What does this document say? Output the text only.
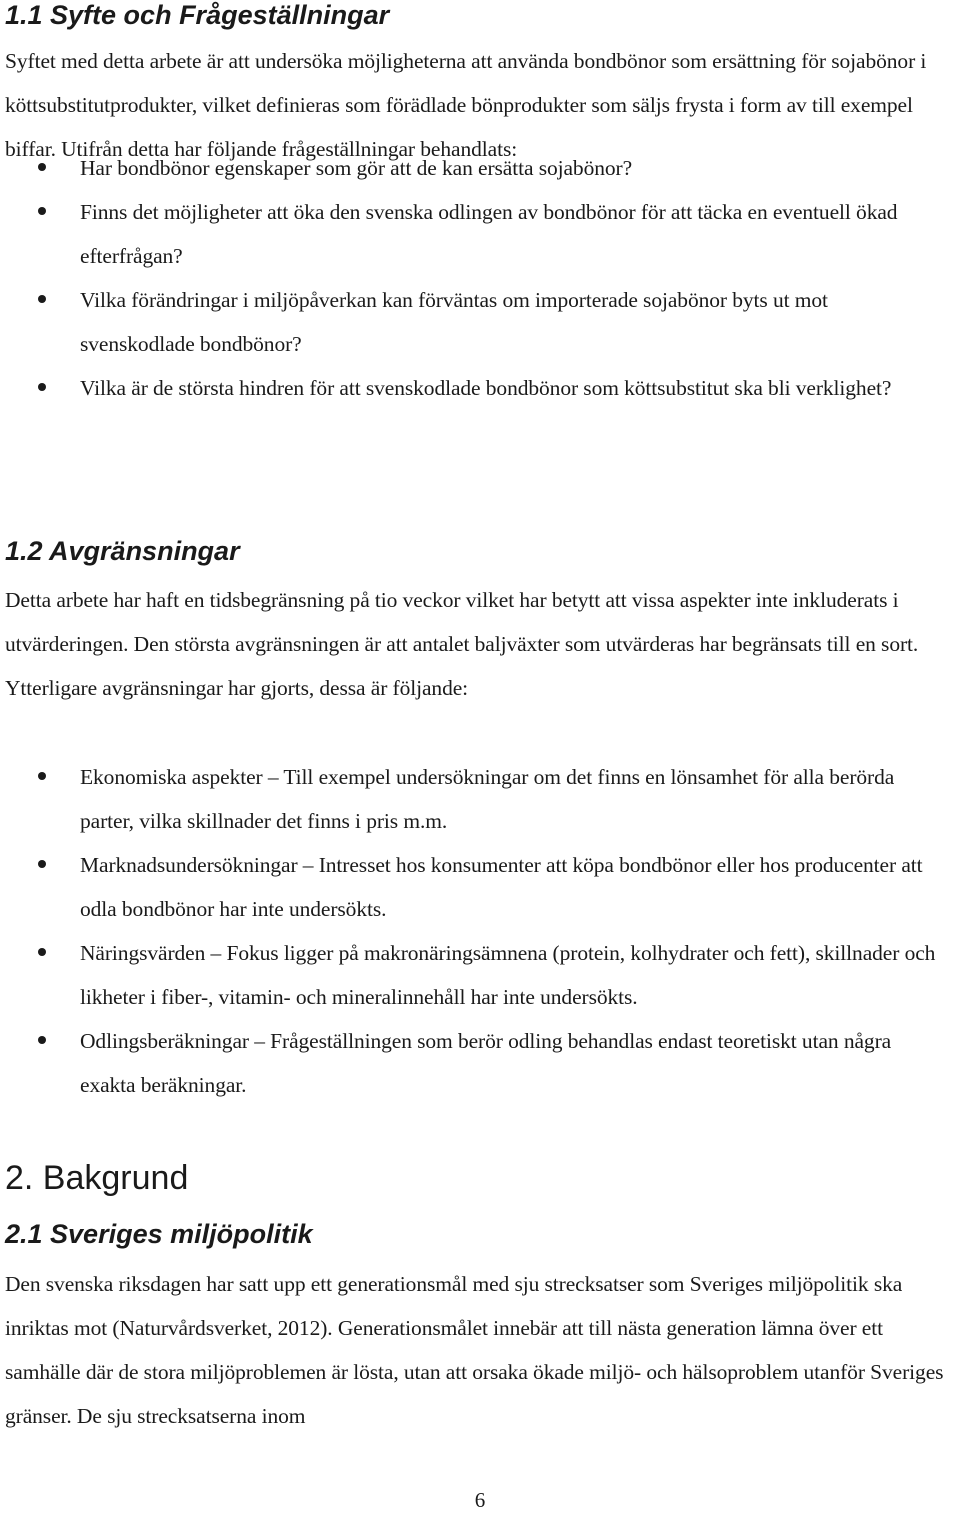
1.1 Syfte och Frågeställningar

Syftet med detta arbete är att undersöka möjligheterna att använda bondbönor som ersättning för sojabönor i köttsubstitutprodukter, vilket definieras som förädlade bönprodukter som säljs frysta i form av till exempel biffar. Utifrån detta har följande frågeställningar behandlats:

Har bondbönor egenskaper som gör att de kan ersätta sojabönor?
Finns det möjligheter att öka den svenska odlingen av bondbönor för att täcka en eventuell ökad efterfrågan?
Vilka förändringar i miljöpåverkan kan förväntas om importerade sojabönor byts ut mot svenskodlade bondbönor?
Vilka är de största hindren för att svenskodlade bondbönor som köttsubstitut ska bli verklighet?
1.2 Avgränsningar

Detta arbete har haft en tidsbegränsning på tio veckor vilket har betytt att vissa aspekter inte inkluderats i utvärderingen. Den största avgränsningen är att antalet baljväxter som utvärderas har begränsats till en sort. Ytterligare avgränsningar har gjorts, dessa är följande:

Ekonomiska aspekter – Till exempel undersökningar om det finns en lönsamhet för alla berörda parter, vilka skillnader det finns i pris m.m.
Marknadsundersökningar – Intresset hos konsumenter att köpa bondbönor eller hos producenter att odla bondbönor har inte undersökts.
Näringsvärden – Fokus ligger på makronäringsämnena (protein, kolhydrater och fett), skillnader och likheter i fiber-, vitamin- och mineralinnehåll har inte undersökts.
Odlingsberäkningar – Frågeställningen som berör odling behandlas endast teoretiskt utan några exakta beräkningar.
2. Bakgrund
2.1 Sveriges miljöpolitik

Den svenska riksdagen har satt upp ett generationsmål med sju strecksatser som Sveriges miljöpolitik ska inriktas mot (Naturvårdsverket, 2012). Generationsmålet innebär att till nästa generation lämna över ett samhälle där de stora miljöproblemen är lösta, utan att orsaka ökade miljö- och hälsoproblem utanför Sveriges gränser. De sju strecksatserna inom

6
